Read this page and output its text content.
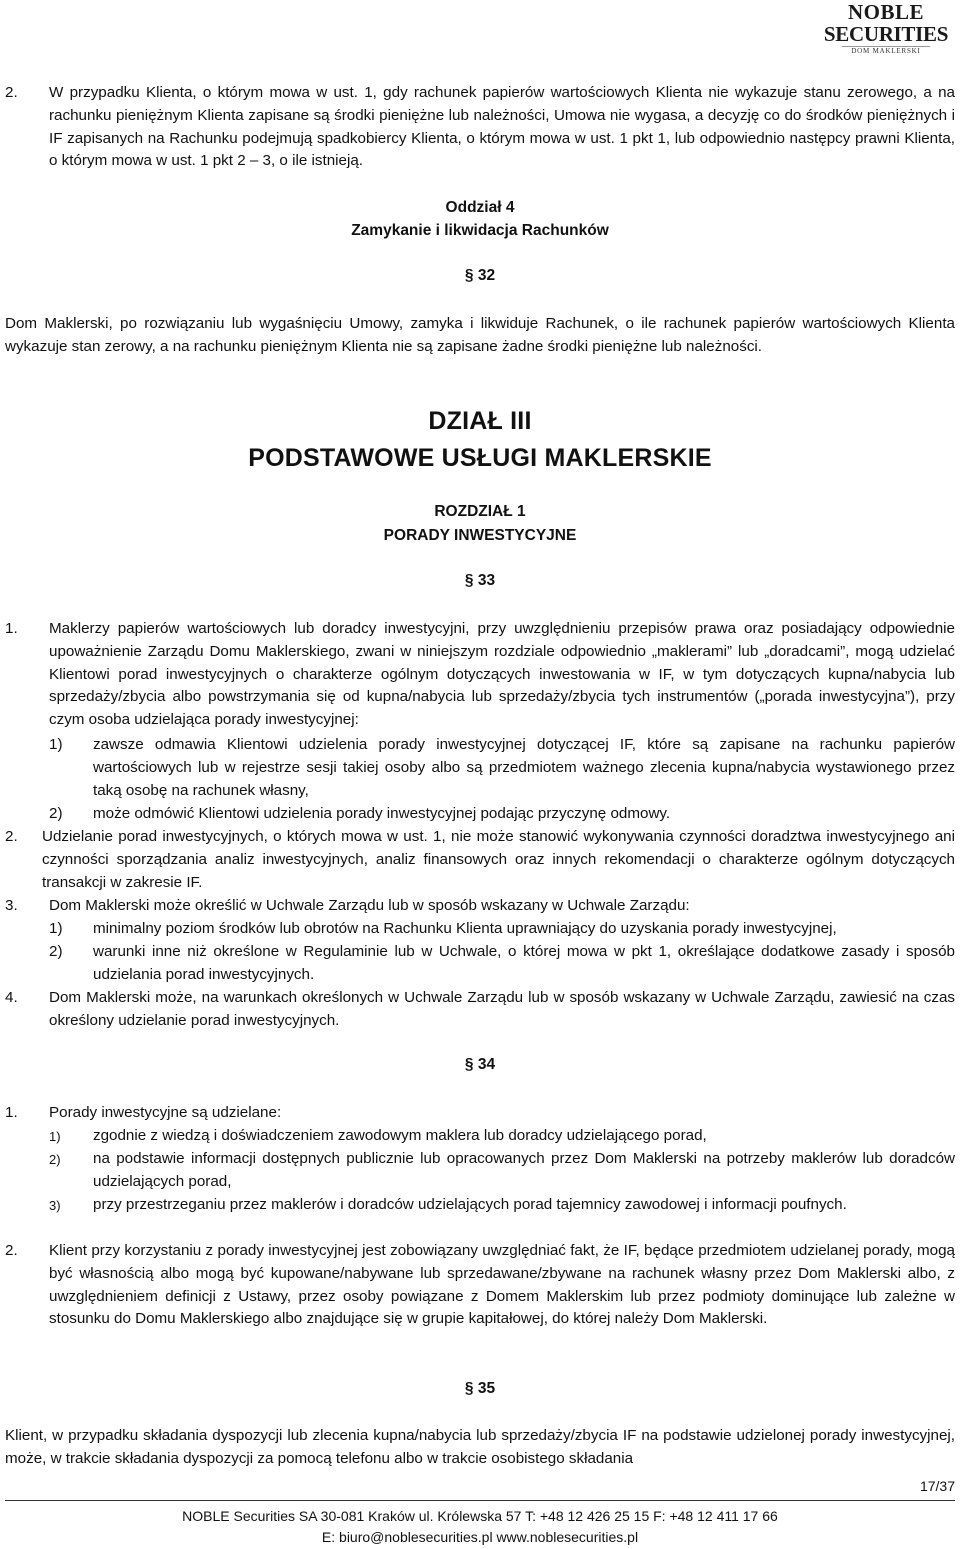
NOBLE
SECURITIES
DOM MAKLERSKI
2. W przypadku Klienta, o którym mowa w ust. 1, gdy rachunek papierów wartościowych Klienta nie wykazuje stanu zerowego, a na rachunku pieniężnym Klienta zapisane są środki pieniężne lub należności, Umowa nie wygasa, a decyzję co do środków pieniężnych i IF zapisanych na Rachunku podejmują spadkobiercy Klienta, o którym mowa w ust. 1 pkt 1, lub odpowiednio następcy prawni Klienta, o którym mowa w ust. 1 pkt 2 – 3, o ile istnieją.
Oddział 4
Zamykanie i likwidacja Rachunków
§ 32
Dom Maklerski, po rozwiązaniu lub wygaśnięciu Umowy, zamyka i likwiduje Rachunek, o ile rachunek papierów wartościowych Klienta wykazuje stan zerowy, a na rachunku pieniężnym Klienta nie są zapisane żadne środki pieniężne lub należności.
DZIAŁ III
PODSTAWOWE USŁUGI MAKLERSKIE
ROZDZIAŁ 1
PORADY INWESTYCYJNE
§ 33
1. Maklerzy papierów wartościowych lub doradcy inwestycyjni, przy uwzględnieniu przepisów prawa oraz posiadający odpowiednie upoważnienie Zarządu Domu Maklerskiego, zwani w niniejszym rozdziale odpowiednio „maklerami” lub „doradcami”, mogą udzielać Klientowi porad inwestycyjnych o charakterze ogólnym dotyczących inwestowania w IF, w tym dotyczących kupna/nabycia lub sprzedaży/zbycia albo powstrzymania się od kupna/nabycia lub sprzedaży/zbycia tych instrumentów („porada inwestycyjna”), przy czym osoba udzielająca porady inwestycyjnej:
1) zawsze odmawia Klientowi udzielenia porady inwestycyjnej dotyczącej IF, które są zapisane na rachunku papierów wartościowych lub w rejestrze sesji takiej osoby albo są przedmiotem ważnego zlecenia kupna/nabycia wystawionego przez taką osobę na rachunek własny,
2) może odmówić Klientowi udzielenia porady inwestycyjnej podając przyczynę odmowy.
2. Udzielanie porad inwestycyjnych, o których mowa w ust. 1, nie może stanowić wykonywania czynności doradztwa inwestycyjnego ani czynności sporządzania analiz inwestycyjnych, analiz finansowych oraz innych rekomendacji o charakterze ogólnym dotyczących transakcji w zakresie IF.
3. Dom Maklerski może określić w Uchwale Zarządu lub w sposób wskazany w Uchwale Zarządu:
1) minimalny poziom środków lub obrotów na Rachunku Klienta uprawniający do uzyskania porady inwestycyjnej,
2) warunki inne niż określone w Regulaminie lub w Uchwale, o której mowa w pkt 1, określające dodatkowe zasady i sposób udzielania porad inwestycyjnych.
4. Dom Maklerski może, na warunkach określonych w Uchwale Zarządu lub w sposób wskazany w Uchwale Zarządu, zawiesić na czas określony udzielanie porad inwestycyjnych.
§ 34
1. Porady inwestycyjne są udzielane:
1) zgodnie z wiedzą i doświadczeniem zawodowym maklera lub doradcy udzielającego porad,
2) na podstawie informacji dostępnych publicznie lub opracowanych przez Dom Maklerski na potrzeby maklerów lub doradców udzielających porad,
3) przy przestrzeganiu przez maklerów i doradców udzielających porad tajemnicy zawodowej i informacji poufnych.
2. Klient przy korzystaniu z porady inwestycyjnej jest zobowiązany uwzględniać fakt, że IF, będące przedmiotem udzielanej porady, mogą być własnością albo mogą być kupowane/nabywane lub sprzedawane/zbywane na rachunek własny przez Dom Maklerski albo, z uwzględnieniem definicji z Ustawy, przez osoby powiązane z Domem Maklerskim lub przez podmioty dominujące lub zależne w stosunku do Domu Maklerskiego albo znajdujące się w grupie kapitałowej, do której należy Dom Maklerski.
§ 35
Klient, w przypadku składania dyspozycji lub zlecenia kupna/nabycia lub sprzedaży/zbycia IF na podstawie udzielonej porady inwestycyjnej, może, w trakcie składania dyspozycji za pomocą telefonu albo w trakcie osobistego składania
17/37
NOBLE Securities SA 30-081 Kraków ul. Królewska 57 T: +48 12 426 25 15 F: +48 12 411 17 66
E: biuro@noblesecurities.pl www.noblesecurities.pl
